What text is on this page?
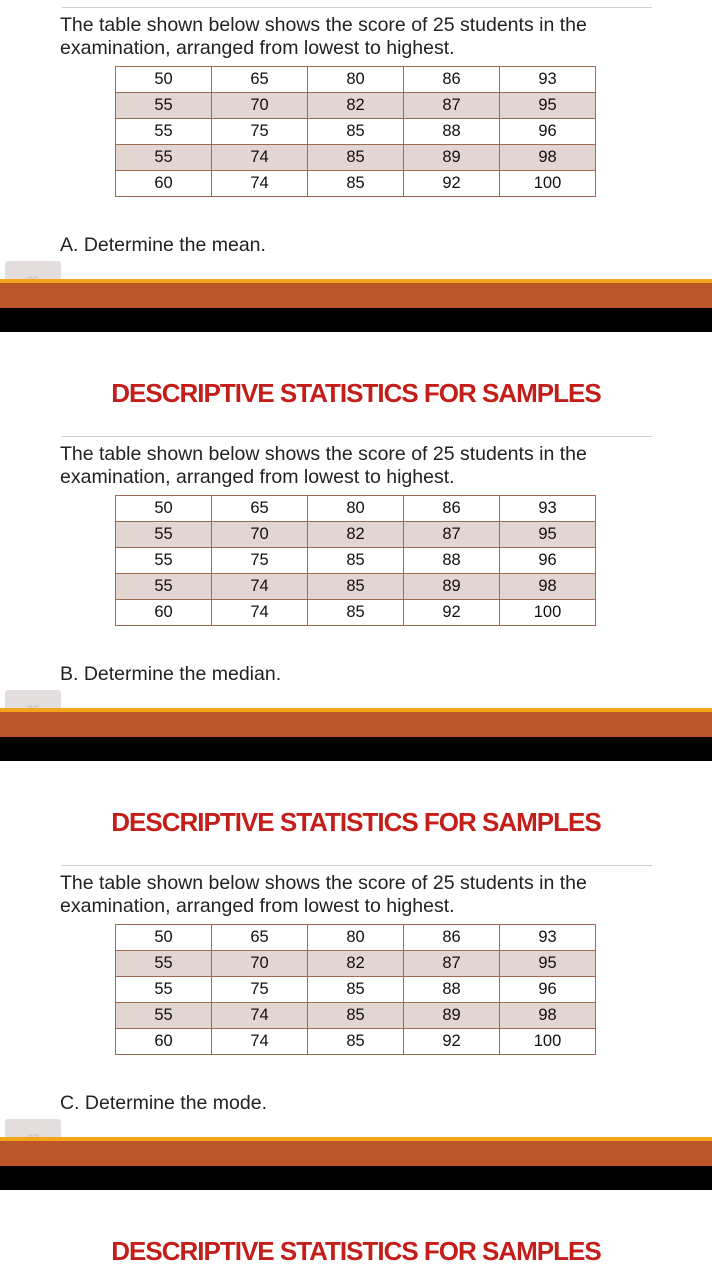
The table shown below shows the score of 25 students in the examination, arranged from lowest to highest.
50	65	80	86	93
55	70	82	87	95
55	75	85	88	96
55	74	85	89	98
60	74	85	92	100
A. Determine the mean.
DESCRIPTIVE STATISTICS FOR SAMPLES
The table shown below shows the score of 25 students in the examination, arranged from lowest to highest.
50	65	80	86	93
55	70	82	87	95
55	75	85	88	96
55	74	85	89	98
60	74	85	92	100
B. Determine the median.
DESCRIPTIVE STATISTICS FOR SAMPLES
The table shown below shows the score of 25 students in the examination, arranged from lowest to highest.
50	65	80	86	93
55	70	82	87	95
55	75	85	88	96
55	74	85	89	98
60	74	85	92	100
C. Determine the mode.
DESCRIPTIVE STATISTICS FOR SAMPLES
